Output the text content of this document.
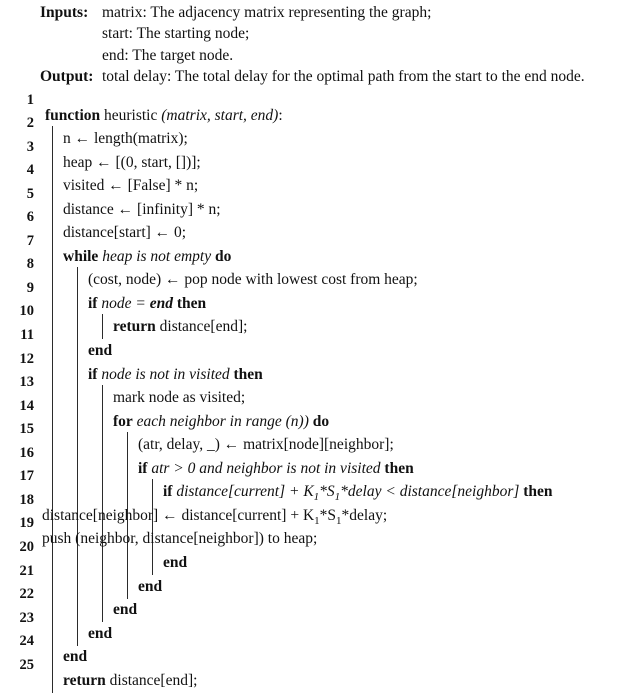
Inputs: matrix: The adjacency matrix representing the graph;
start: The starting node;
end: The target node.
Output: total delay: The total delay for the optimal path from the start to the end node.
1
function heuristic (matrix, start, end):
2
n ← length(matrix);
3
heap ← [(0, start, [])];
4
visited ← [False] * n;
5
distance ← [infinity] * n;
6
distance[start] ← 0;
7
while heap is not empty do
8
(cost, node) ← pop node with lowest cost from heap;
9
if node = end then
10
return distance[end];
11
end
12
if node is not in visited then
13
mark node as visited;
14
for each neighbor in range (n)) do
15
(atr, delay, _) ← matrix[node][neighbor];
16
if atr > 0 and neighbor is not in visited then
17
if distance[current] + $K_1*S_1*delay$ < distance[neighbor] then
18
distance[neighbor] ← distance[current] + $K_1*S_1*delay$;
19
push (neighbor, distance[neighbor]) to heap;
20
end
21
end
22
end
23
end
24
end
25
return distance[end];
